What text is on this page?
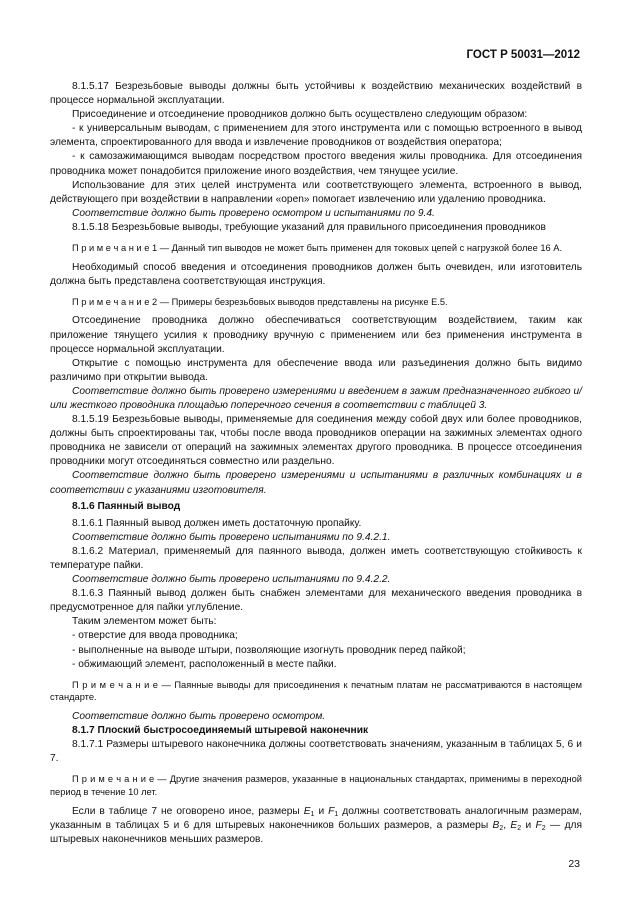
ГОСТ Р 50031—2012

8.1.5.17 Безрезьбовые выводы должны быть устойчивы к воздействию механических воздействий в процессе нормальной эксплуатации.

Присоединение и отсоединение проводников должно быть осуществлено следующим образом:

- к универсальным выводам, с применением для этого инструмента или с помощью встроенного в вывод элемента, спроектированного для ввода и извлечение проводников от воздействия оператора;

- к самозажимающимся выводам посредством простого введения жилы проводника. Для отсоединения проводника может понадобится приложение иного воздействия, чем тянущее усилие.

Использование для этих целей инструмента или соответствующего элемента, встроенного в вывод, действующего при воздействии в направлении «open» помогает извлечению или удалению проводника.

Соответствие должно быть проверено осмотром и испытаниями по 9.4.

8.1.5.18 Безрезьбовые выводы, требующие указаний для правильного присоединения проводников

П р и м е ч а н и е 1 — Данный тип выводов не может быть применен для токовых цепей с нагрузкой более 16 А.

Необходимый способ введения и отсоединения проводников должен быть очевиден, или изготовитель должна быть представлена соответствующая инструкция.

П р и м е ч а н и е 2 — Примеры безрезьбовых выводов представлены на рисунке Е.5.

Отсоединение проводника должно обеспечиваться соответствующим воздействием, таким как приложение тянущего усилия к проводнику вручную с применением или без применения инструмента в процессе нормальной эксплуатации.

Открытие с помощью инструмента для обеспечение ввода или разъединения должно быть видимо различимо при открытии вывода.

Соответствие должно быть проверено измерениями и введением в зажим предназначенного гибкого и/или жесткого проводника площадью поперечного сечения в соответствии с таблицей 3.

8.1.5.19 Безрезьбовые выводы, применяемые для соединения между собой двух или более проводников, должны быть спроектированы так, чтобы после ввода проводников операции на зажимных элементах одного проводника не зависели от операций на зажимных элементах другого проводника. В процессе отсоединения проводники могут отсоединяться совместно или раздельно.

Соответствие должно быть проверено измерениями и испытаниями в различных комбинациях и в соответствии с указаниями изготовителя.

8.1.6 Паянный вывод

8.1.6.1 Паянный вывод должен иметь достаточную пропайку.

Соответствие должно быть проверено испытаниями по 9.4.2.1.

8.1.6.2 Материал, применяемый для паянного вывода, должен иметь соответствующую стойкивость к температуре пайки.

Соответствие должно быть проверено испытаниями по 9.4.2.2.

8.1.6.3 Паянный вывод должен быть снабжен элементами для механического введения проводника в предусмотренное для пайки углубление.

Таким элементом может быть:

- отверстие для ввода проводника;

- выполненные на выводе штыри, позволяющие изогнуть проводник перед пайкой;

- обжимающий элемент, расположенный в месте пайки.

П р и м е ч а н и е — Паянные выводы для присоединения к печатным платам не рассматриваются в настоящем стандарте.

Соответствие должно быть проверено осмотром.

8.1.7 Плоский быстросоединяемый штыревой наконечник

8.1.7.1 Размеры штыревого наконечника должны соответствовать значениям, указанным в таблицах 5, 6 и 7.

П р и м е ч а н и е — Другие значения размеров, указанные в национальных стандартах, применимы в переходной период в течение 10 лет.

Если в таблице 7 не оговорено иное, размеры $E_1$ и $F_1$ должны соответствовать аналогичным размерам, указанным в таблицах 5 и 6 для штыревых наконечников больших размеров, а размеры $B_2$, $E_2$ и $F_2$ — для штыревых наконечников меньших размеров.

23
